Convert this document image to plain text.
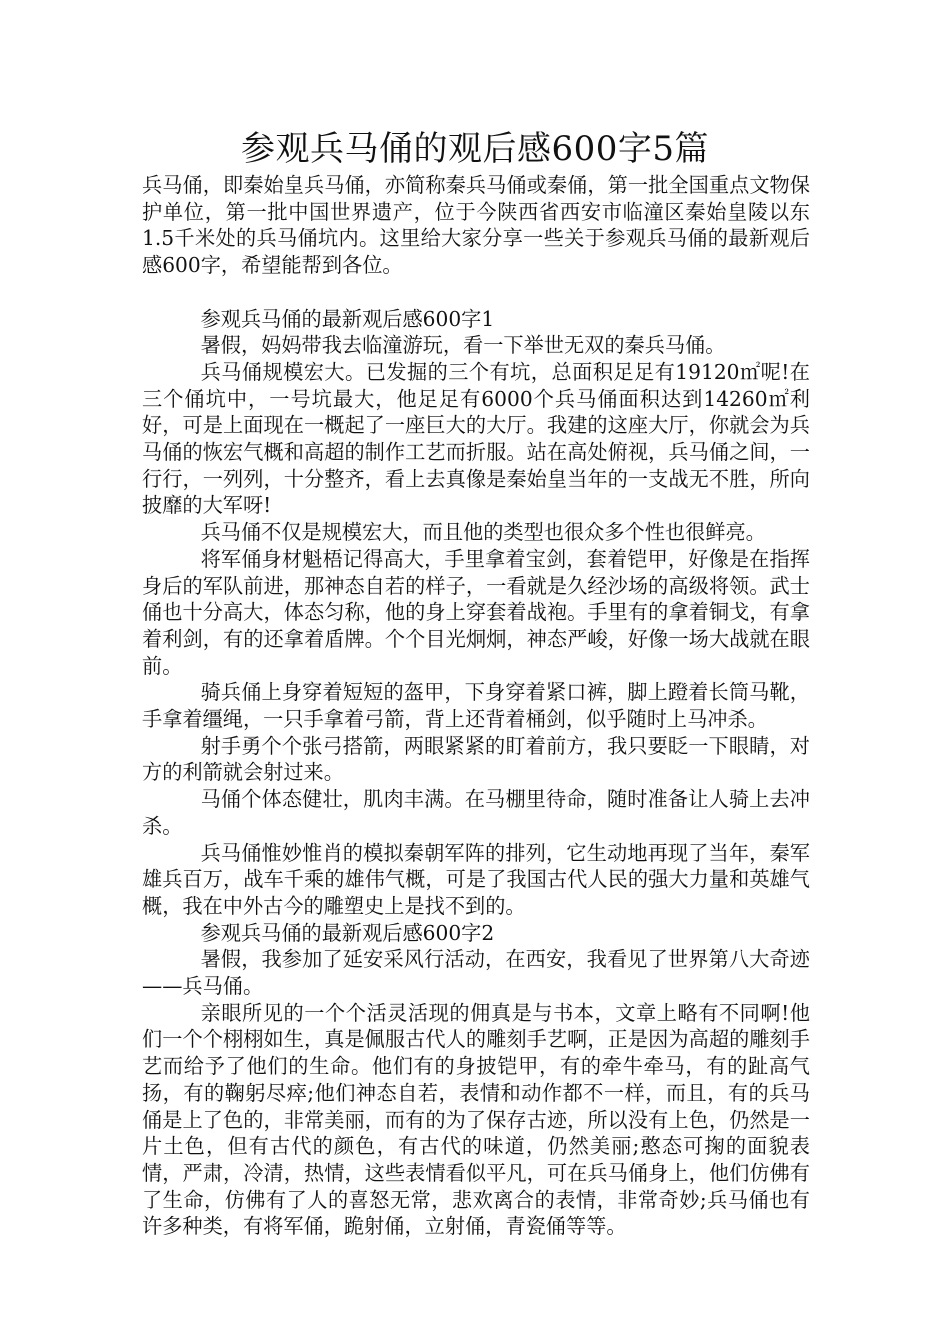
参观兵马俑的观后感600字5篇

兵马俑，即秦始皇兵马俑，亦简称秦兵马俑或秦俑，第一批全国重点文物保护单位，第一批中国世界遗产，位于今陕西省西安市临潼区秦始皇陵以东1.5千米处的兵马俑坑内。这里给大家分享一些关于参观兵马俑的最新观后感600字，希望能帮到各位。

参观兵马俑的最新观后感600字1

暑假，妈妈带我去临潼游玩，看一下举世无双的秦兵马俑。

兵马俑规模宏大。已发掘的三个有坑，总面积足足有19120㎡呢!在三个俑坑中，一号坑最大，他足足有6000个兵马俑面积达到14260㎡利好，可是上面现在一概起了一座巨大的大厅。我建的这座大厅，你就会为兵马俑的恢宏气概和高超的制作工艺而折服。站在高处俯视，兵马俑之间，一行行，一列列，十分整齐，看上去真像是秦始皇当年的一支战无不胜，所向披靡的大军呀!

兵马俑不仅是规模宏大，而且他的类型也很众多个性也很鲜亮。

将军俑身材魁梧记得高大，手里拿着宝剑，套着铠甲，好像是在指挥身后的军队前进，那神态自若的样子，一看就是久经沙场的高级将领。武士俑也十分高大，体态匀称，他的身上穿套着战袍。手里有的拿着铜戈，有拿着利剑，有的还拿着盾牌。个个目光炯炯，神态严峻，好像一场大战就在眼前。

骑兵俑上身穿着短短的盔甲，下身穿着紧口裤，脚上蹬着长筒马靴，手拿着缰绳，一只手拿着弓箭，背上还背着桶剑，似乎随时上马冲杀。

射手勇个个张弓搭箭，两眼紧紧的盯着前方，我只要眨一下眼睛，对方的利箭就会射过来。

马俑个体态健壮，肌肉丰满。在马棚里待命，随时准备让人骑上去冲杀。

兵马俑惟妙惟肖的模拟秦朝军阵的排列，它生动地再现了当年，秦军雄兵百万，战车千乘的雄伟气概，可是了我国古代人民的强大力量和英雄气概，我在中外古今的雕塑史上是找不到的。

参观兵马俑的最新观后感600字2

暑假，我参加了延安采风行活动，在西安，我看见了世界第八大奇迹——兵马俑。

亲眼所见的一个个活灵活现的佣真是与书本，文章上略有不同啊!他们一个个栩栩如生，真是佩服古代人的雕刻手艺啊，正是因为高超的雕刻手艺而给予了他们的生命。他们有的身披铠甲，有的牵牛牵马，有的趾高气扬，有的鞠躬尽瘁;他们神态自若，表情和动作都不一样，而且，有的兵马俑是上了色的，非常美丽，而有的为了保存古迹，所以没有上色，仍然是一片土色，但有古代的颜色，有古代的味道，仍然美丽;憨态可掬的面貌表情，严肃，冷清，热情，这些表情看似平凡，可在兵马俑身上，他们仿佛有了生命，仿佛有了人的喜怒无常，悲欢离合的表情，非常奇妙;兵马俑也有许多种类，有将军俑，跪射俑，立射俑，青瓷俑等等。
